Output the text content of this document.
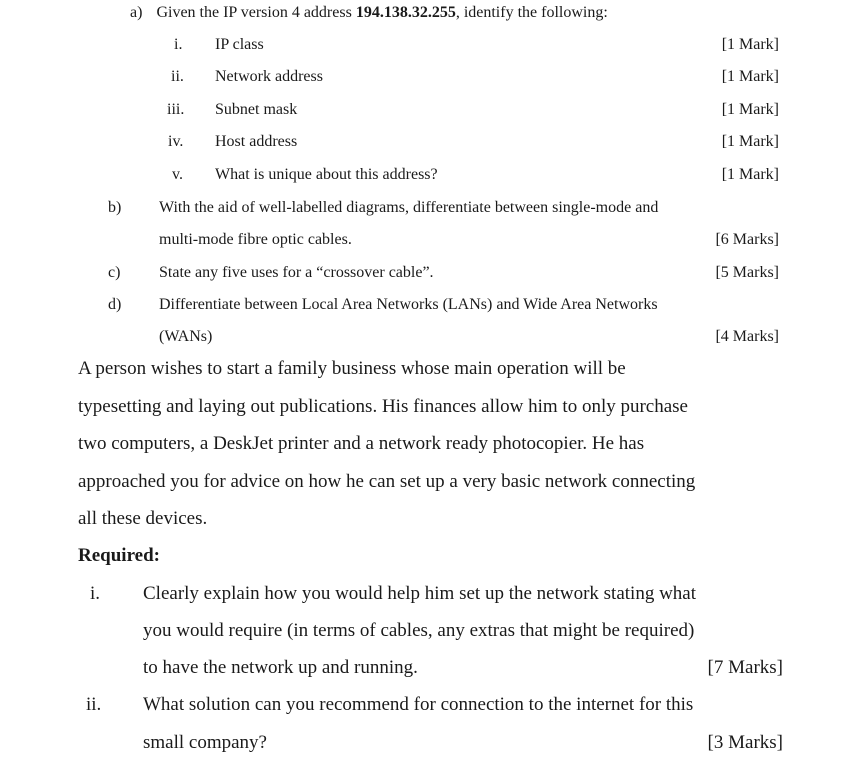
a) Given the IP version 4 address 194.138.32.255, identify the following:
i. IP class	[1 Mark]
ii. Network address	[1 Mark]
iii. Subnet mask	[1 Mark]
iv. Host address	[1 Mark]
v. What is unique about this address?	[1 Mark]
b) With the aid of well-labelled diagrams, differentiate between single-mode and
multi-mode fibre optic cables.	[6 Marks]
c) State any five uses for a “crossover cable”.	[5 Marks]
d) Differentiate between Local Area Networks (LANs) and Wide Area Networks
(WANs)	[4 Marks]
A person wishes to start a family business whose main operation will be
typesetting and laying out publications. His finances allow him to only purchase
two computers, a DeskJet printer and a network ready photocopier. He has
approached you for advice on how he can set up a very basic network connecting
all these devices.
Required:
i. Clearly explain how you would help him set up the network stating what
you would require (in terms of cables, any extras that might be required)
to have the network up and running.	[7 Marks]
ii. What solution can you recommend for connection to the internet for this
small company?	[3 Marks]
